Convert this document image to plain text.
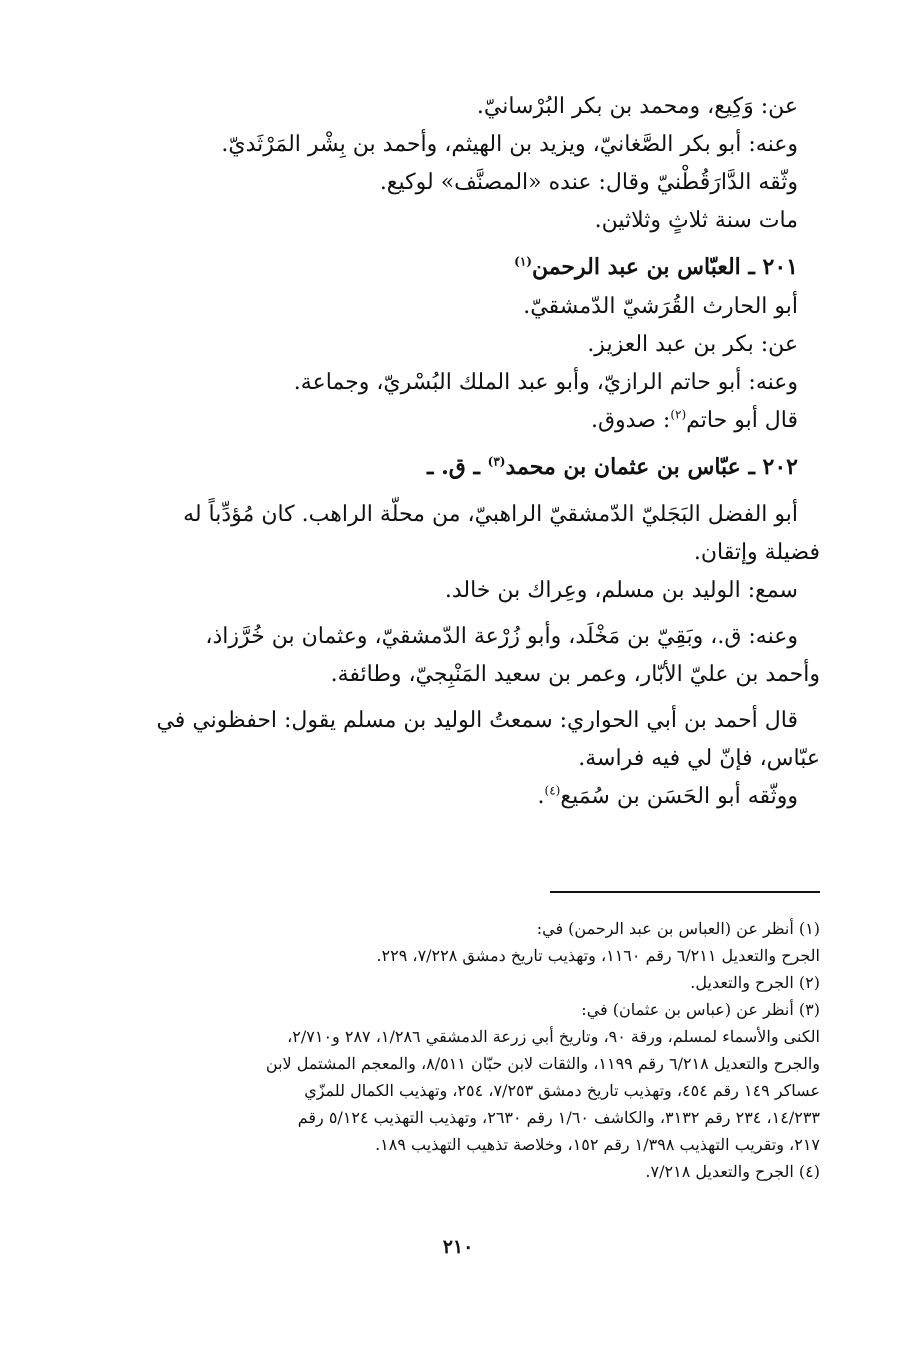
عن: وَكِيع، ومحمد بن بكر البُرْسانيّ.

وعنه: أبو بكر الصَّغانيّ، ويزيد بن الهيثم، وأحمد بن بِشْر المَرْثَديّ.

وثّقه الدَّارَقُطْنيّ وقال: عنده «المصنَّف» لوكيع.

مات سنة ثلاثٍ وثلاثين.

٢٠١ ـ العبّاس بن عبد الرحمن$^{(١)}$

أبو الحارث القُرَشيّ الدّمشقيّ.

عن: بكر بن عبد العزيز.

وعنه: أبو حاتم الرازيّ، وأبو عبد الملك البُسْريّ، وجماعة.

قال أبو حاتم$^{(٢)}$: صدوق.

٢٠٢ ـ عبّاس بن عثمان بن محمد$^{(٣)}$ ـ ق. ـ

أبو الفضل البَجَليّ الدّمشقيّ الراهبيّ، من محلّة الراهب. كان مُؤدِّباً له

فضيلة وإتقان.

سمع: الوليد بن مسلم، وعِراك بن خالد.

وعنه: ق.، وبَقِيّ بن مَخْلَد، وأبو زُرْعة الدّمشقيّ، وعثمان بن خُرَّزاذ،

وأحمد بن عليّ الأبّار، وعمر بن سعيد المَنْبِجيّ، وطائفة.

قال أحمد بن أبي الحواري: سمعتُ الوليد بن مسلم يقول: احفظوني في

عبّاس، فإنّ لي فيه فراسة.

ووثّقه أبو الحَسَن بن سُمَيع$^{(٤)}$.

(١) أنظر عن (العباس بن عبد الرحمن) في:

الجرح والتعديل ٦/٢١١ رقم ١١٦٠، وتهذيب تاريخ دمشق ٧/٢٢٨، ٢٢٩.

(٢) الجرح والتعديل.

(٣) أنظر عن (عباس بن عثمان) في:

الكنى والأسماء لمسلم، ورقة ٩٠، وتاريخ أبي زرعة الدمشقي ١/٢٨٦، ٢٨٧ و٢/٧١٠،

والجرح والتعديل ٦/٢١٨ رقم ١١٩٩، والثقات لابن حبّان ٨/٥١١، والمعجم المشتمل لابن

عساكر ١٤٩ رقم ٤٥٤، وتهذيب تاريخ دمشق ٧/٢٥٣، ٢٥٤، وتهذيب الكمال للمزّي

١٤/٢٣٣، ٢٣٤ رقم ٣١٣٢، والكاشف ١/٦٠ رقم ٢٦٣٠، وتهذيب التهذيب ٥/١٢٤ رقم

٢١٧، وتقريب التهذيب ١/٣٩٨ رقم ١٥٢، وخلاصة تذهيب التهذيب ١٨٩.

(٤) الجرح والتعديل ٧/٢١٨.

٢١٠
